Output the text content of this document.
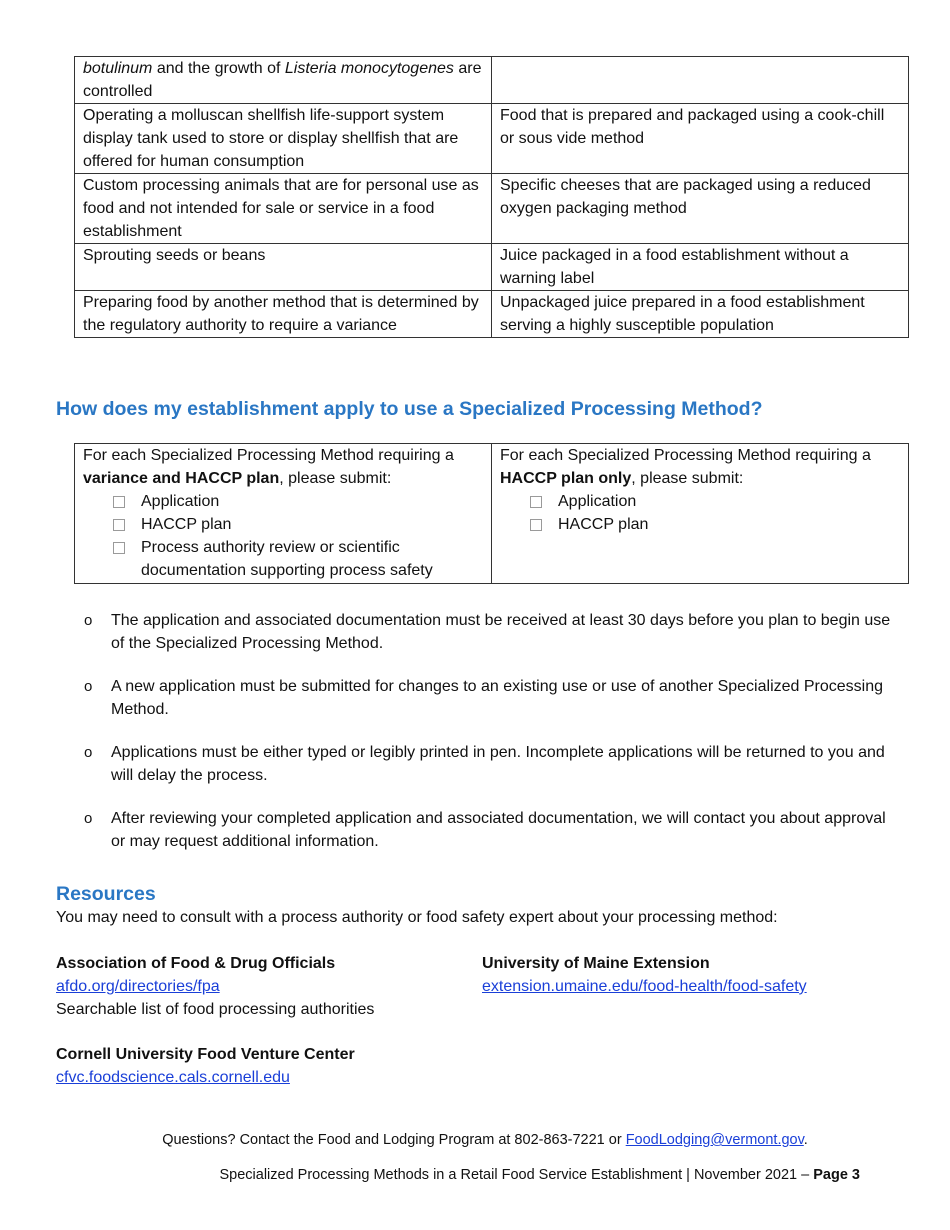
botulinum and the growth of Listeria monocytogenes are controlled	
Operating a molluscan shellfish life-support system display tank used to store or display shellfish that are offered for human consumption	Food that is prepared and packaged using a cook-chill or sous vide method
Custom processing animals that are for personal use as food and not intended for sale or service in a food establishment	Specific cheeses that are packaged using a reduced oxygen packaging method
Sprouting seeds or beans	Juice packaged in a food establishment without a warning label
Preparing food by another method that is determined by the regulatory authority to require a variance	Unpackaged juice prepared in a food establishment serving a highly susceptible population
How does my establishment apply to use a Specialized Processing Method?
For each Specialized Processing Method requiring a variance and HACCP plan, please submit:
Application
HACCP plan
Process authority review or scientific documentation supporting process safety

For each Specialized Processing Method requiring a HACCP plan only, please submit:
Application
HACCP plan
o	The application and associated documentation must be received at least 30 days before you plan to begin use of the Specialized Processing Method.
o	A new application must be submitted for changes to an existing use or use of another Specialized Processing Method.
o	Applications must be either typed or legibly printed in pen. Incomplete applications will be returned to you and will delay the process.
o	After reviewing your completed application and associated documentation, we will contact you about approval or may request additional information.
Resources
You may need to consult with a process authority or food safety expert about your processing method:
Association of Food & Drug Officials
afdo.org/directories/fpa
Searchable list of food processing authorities
University of Maine Extension
extension.umaine.edu/food-health/food-safety
Cornell University Food Venture Center
cfvc.foodscience.cals.cornell.edu
Questions? Contact the Food and Lodging Program at 802-863-7221 or FoodLodging@vermont.gov.
Specialized Processing Methods in a Retail Food Service Establishment | November 2021 – Page 3
